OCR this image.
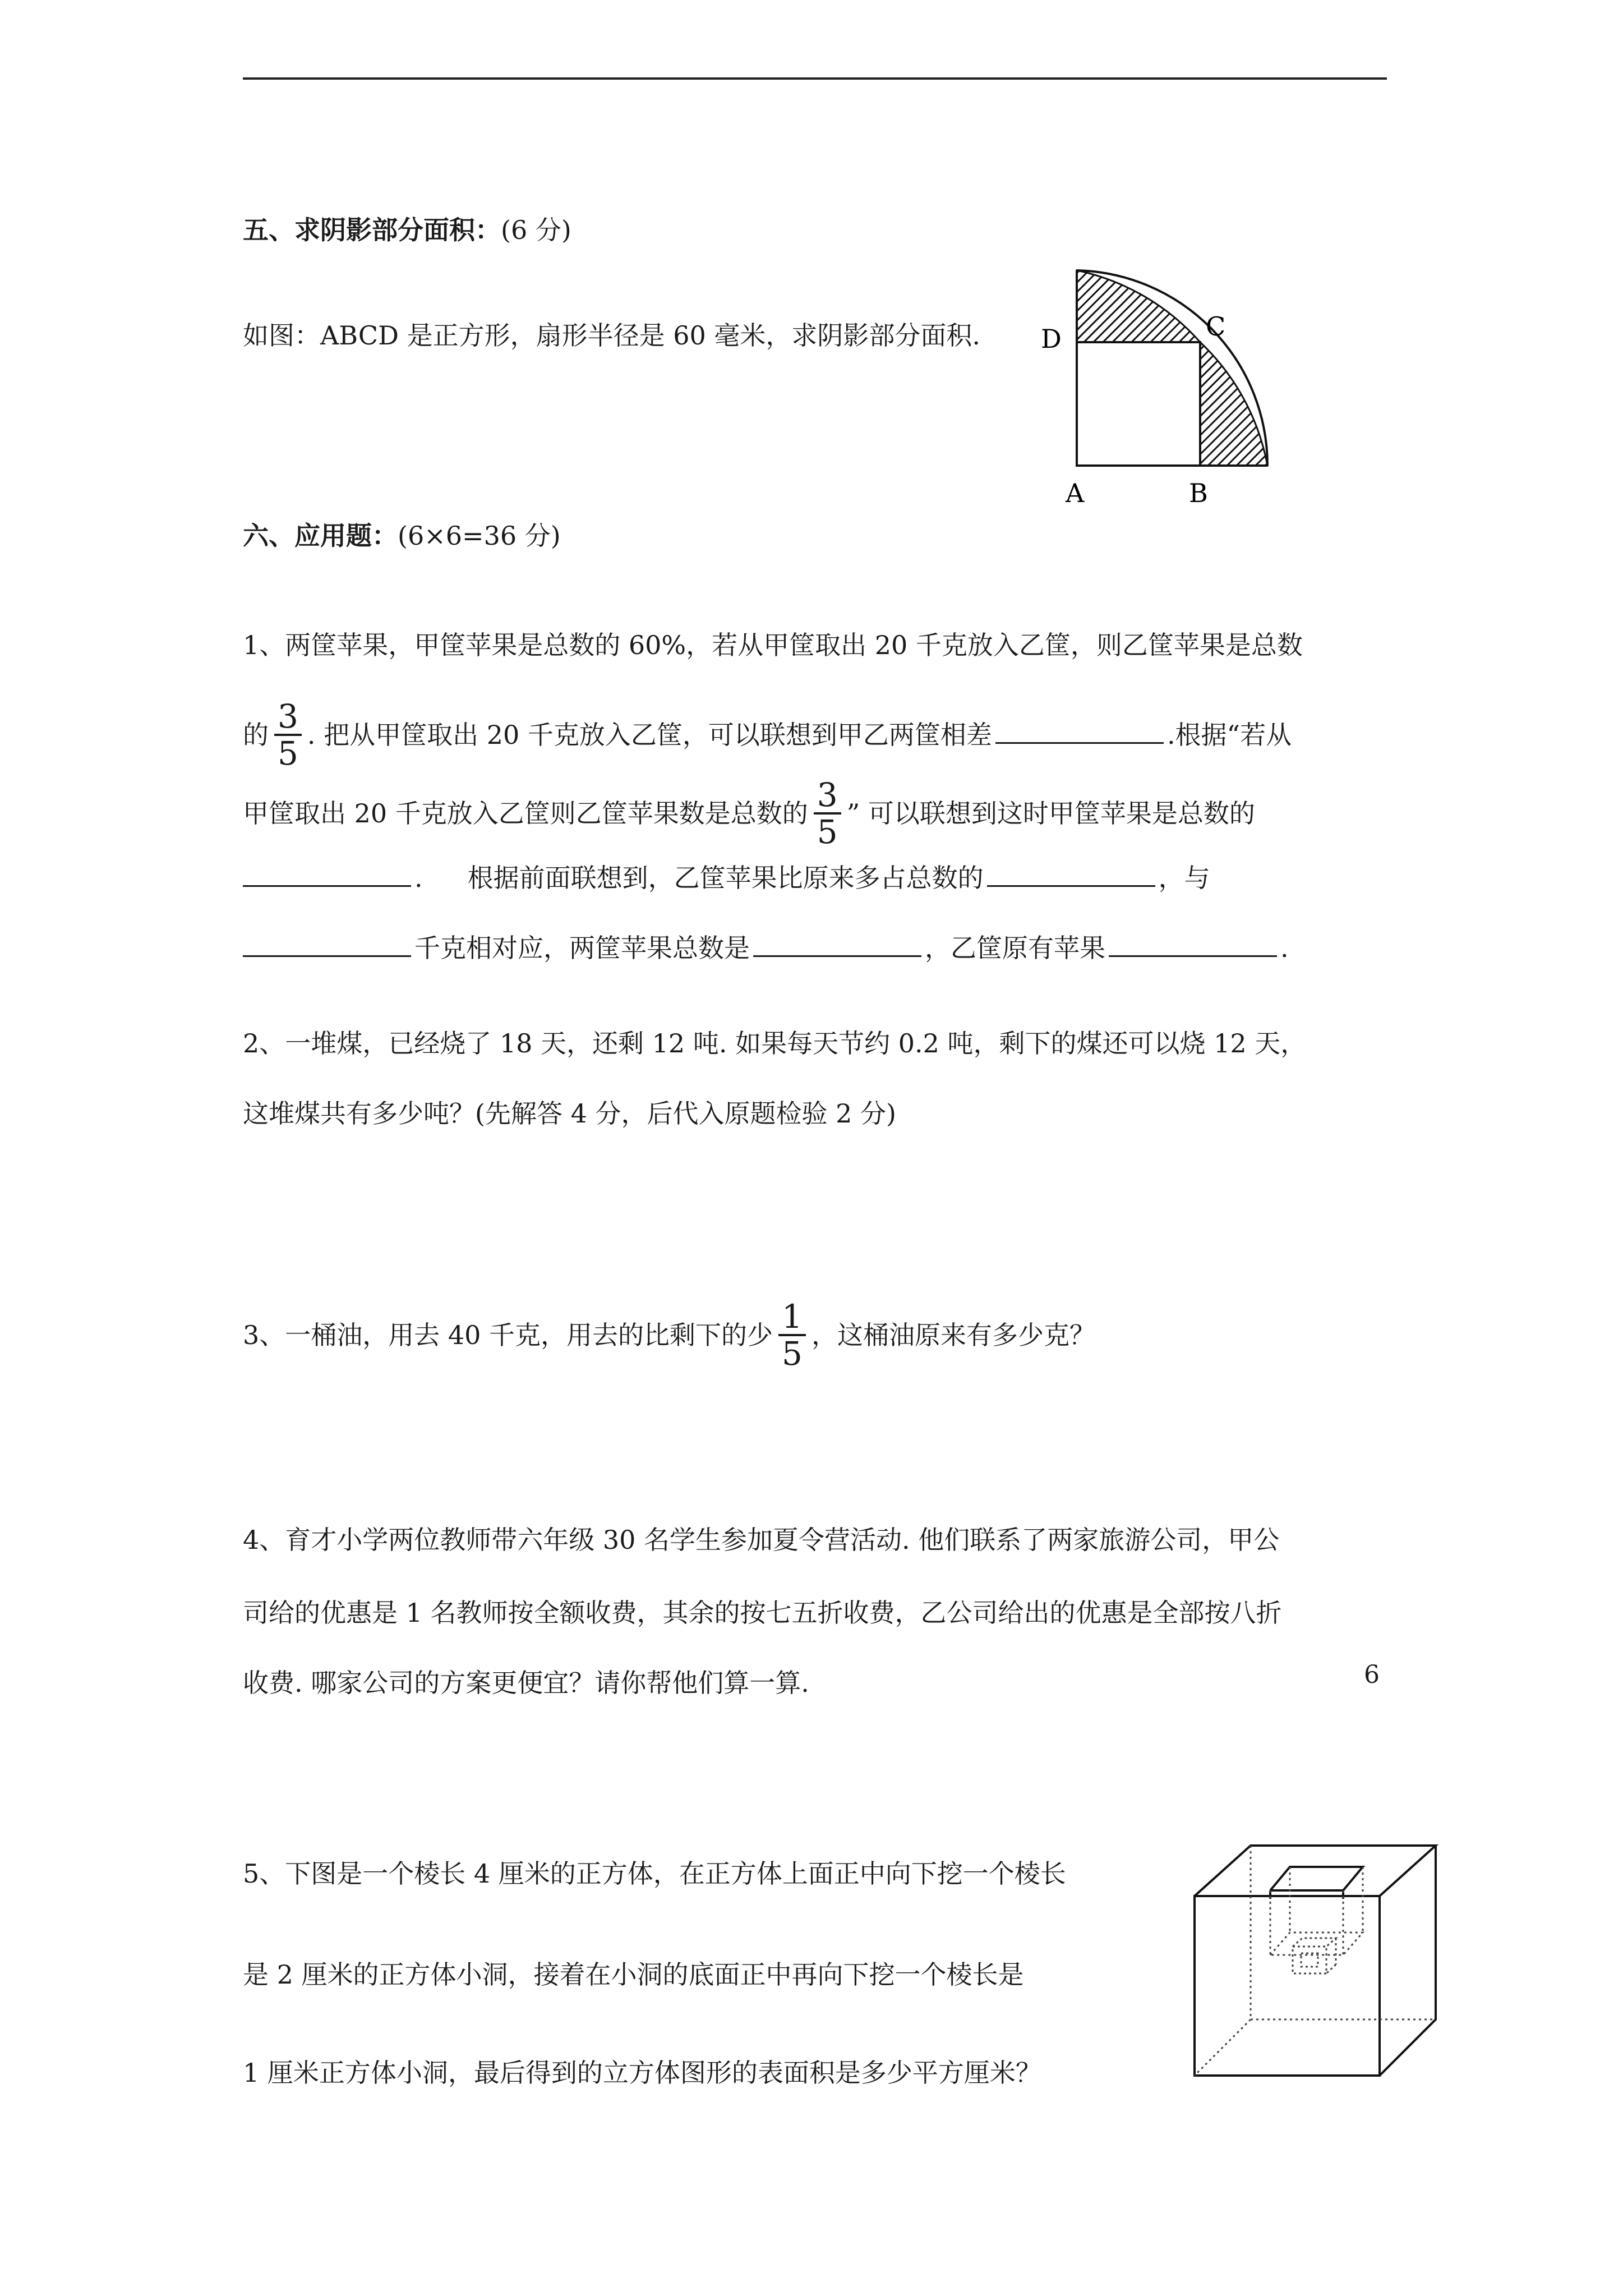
五、求阴影部分面积：(6 分)
如图：ABCD 是正方形，扇形半径是 60 毫米，求阴影部分面积. D	C
A	B
六、应用题：(6×6=36 分)
1、两筐苹果，甲筐苹果是总数的 60%，若从甲筐取出 20 千克放入乙筐，则乙筐苹果是总数
的 $\frac{3}{5}$ . 把从甲筐取出 20 千克放入乙筐，可以联想到甲乙两筐相差	.根据“若从
甲筐取出 20 千克放入乙筐则乙筐苹果数是总数的 $\frac{3}{5}$ ” 可以联想到这时甲筐苹果是总数的
. 根据前面联想到，乙筐苹果比原来多占总数的	，与
千克相对应，两筐苹果总数是	，乙筐原有苹果	.
2、一堆煤，已经烧了 18 天，还剩 12 吨. 如果每天节约 0.2 吨，剩下的煤还可以烧 12 天，
这堆煤共有多少吨？(先解答 4 分，后代入原题检验 2 分)
3、一桶油，用去 40 千克，用去的比剩下的少 $\frac{1}{5}$ ，这桶油原来有多少克？
4、育才小学两位教师带六年级 30 名学生参加夏令营活动. 他们联系了两家旅游公司，甲公
司给的优惠是 1 名教师按全额收费，其余的按七五折收费，乙公司给出的优惠是全部按八折
收费. 哪家公司的方案更便宜？请你帮他们算一算.
5、下图是一个棱长 4 厘米的正方体，在正方体上面正中向下挖一个棱长
是 2 厘米的正方体小洞，接着在小洞的底面正中再向下挖一个棱长是
1 厘米正方体小洞，最后得到的立方体图形的表面积是多少平方厘米？
6
